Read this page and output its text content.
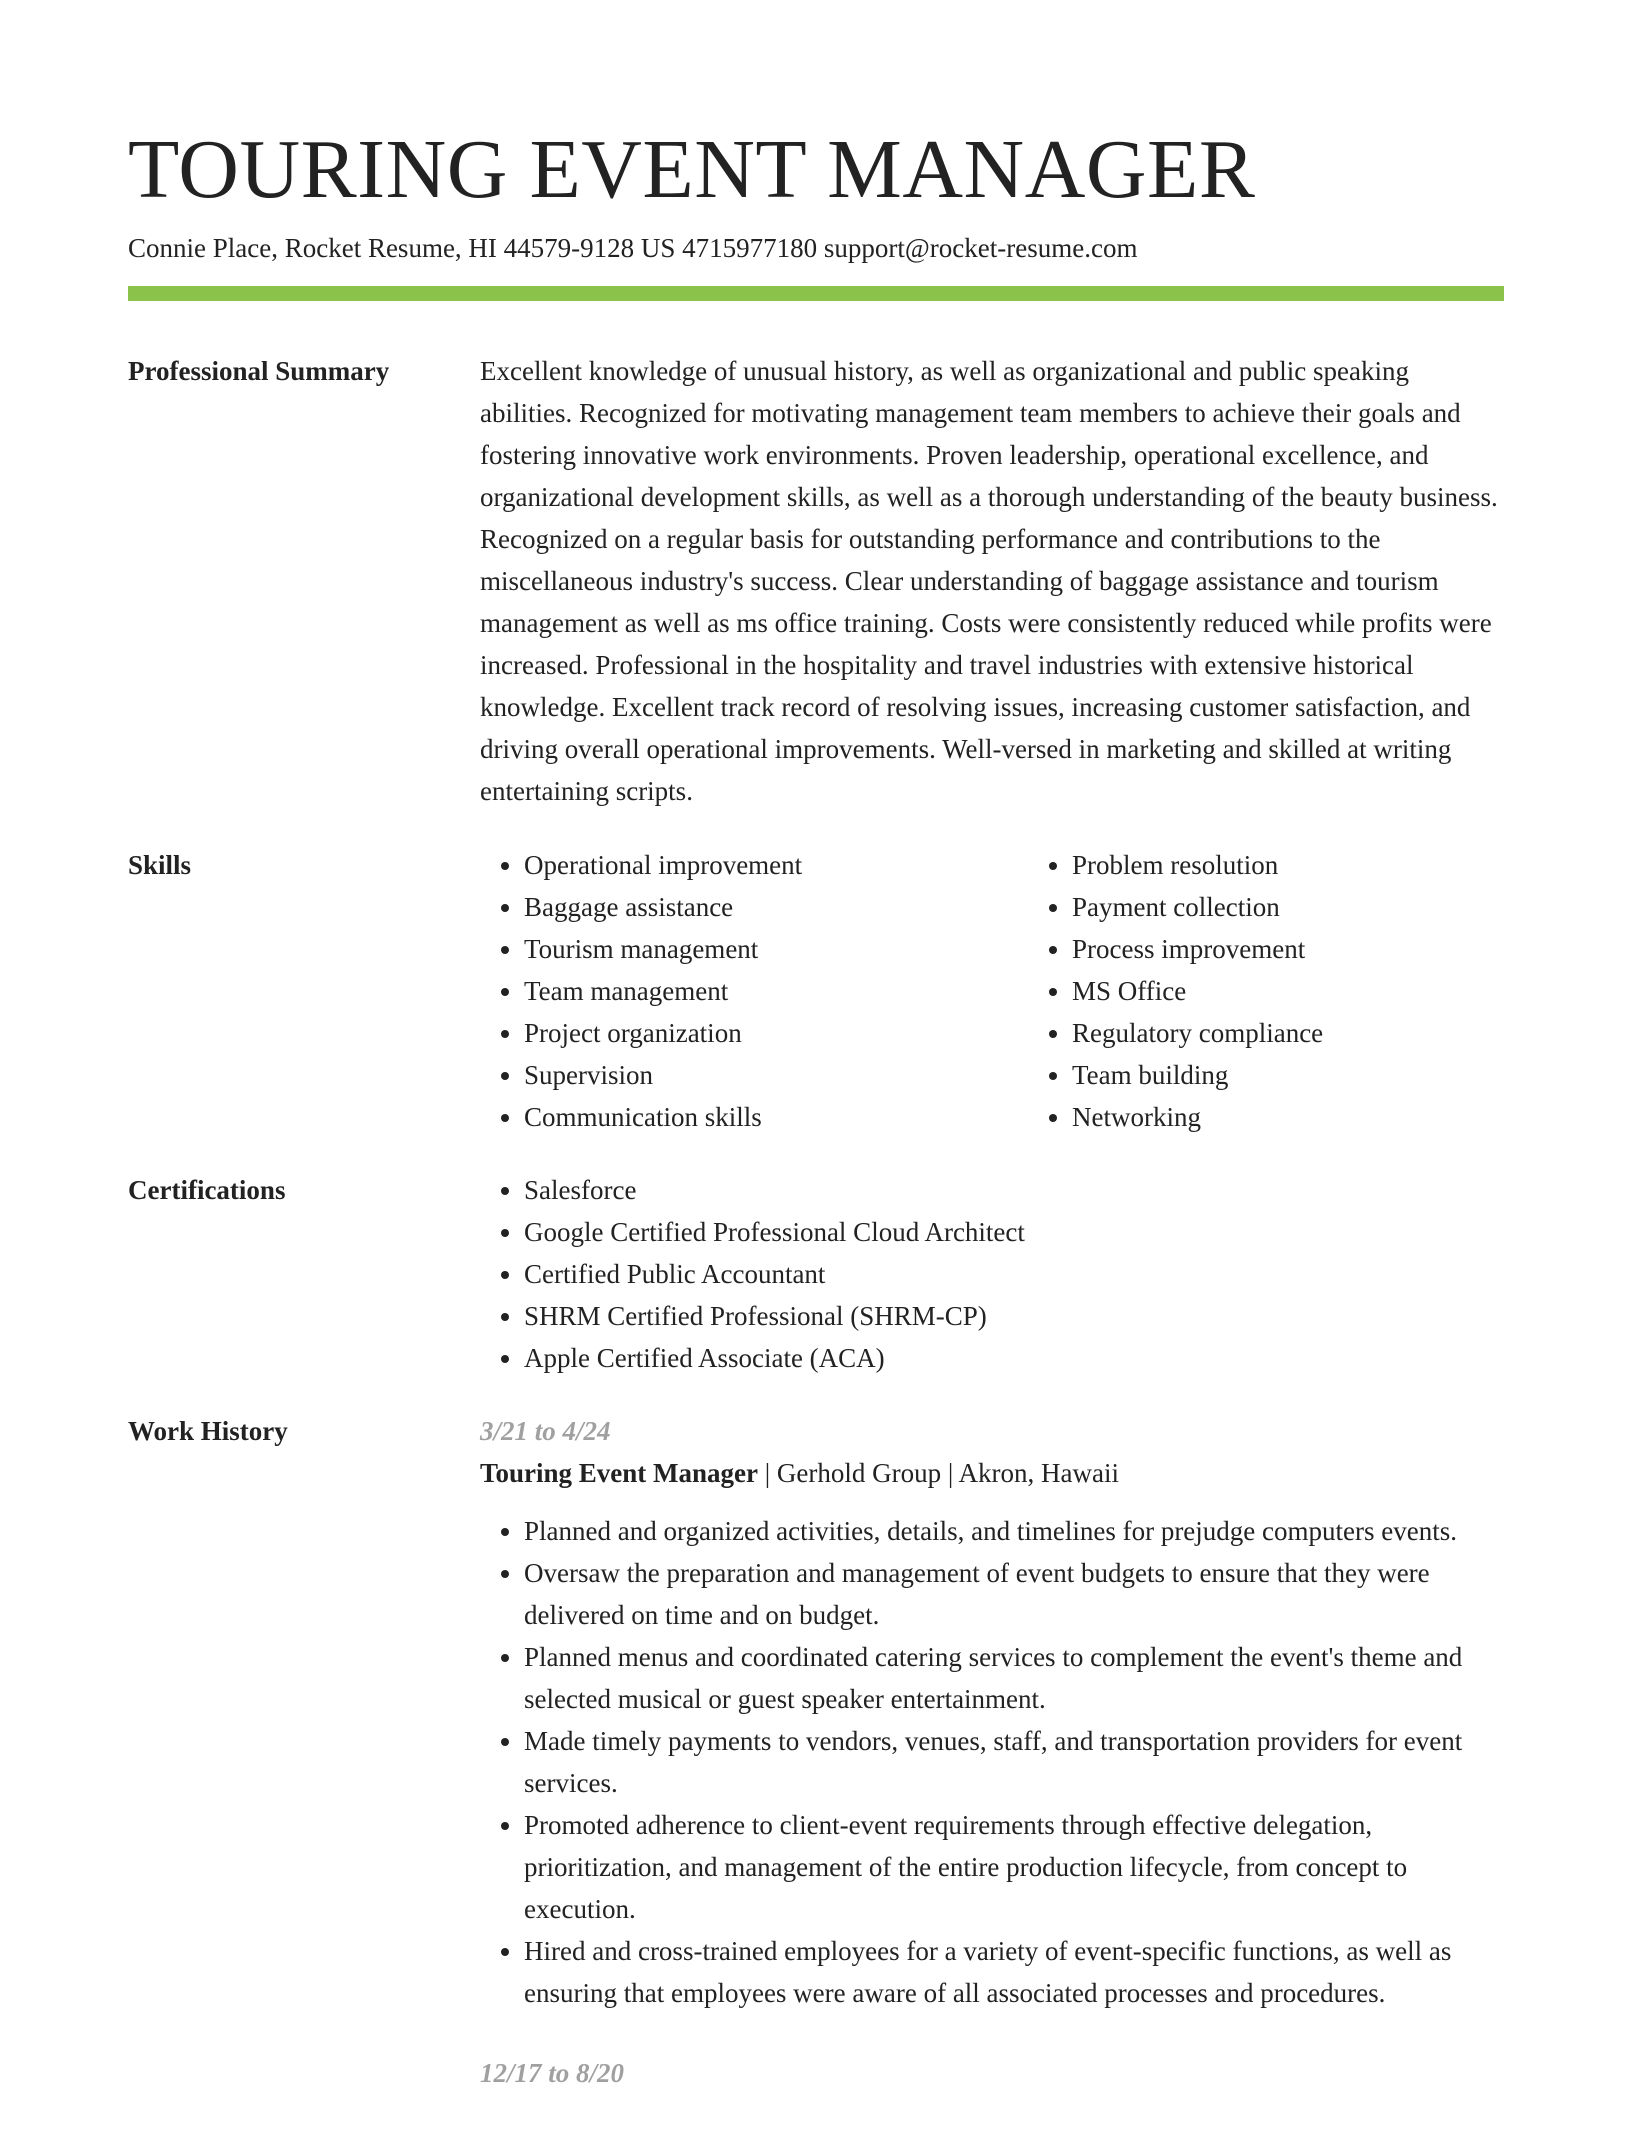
TOURING EVENT MANAGER
Connie Place, Rocket Resume, HI 44579-9128 US 4715977180 support@rocket-resume.com
Professional Summary	Excellent knowledge of unusual history, as well as organizational and public speaking abilities. Recognized for motivating management team members to achieve their goals and fostering innovative work environments. Proven leadership, operational excellence, and organizational development skills, as well as a thorough understanding of the beauty business. Recognized on a regular basis for outstanding performance and contributions to the miscellaneous industry's success. Clear understanding of baggage assistance and tourism management as well as ms office training. Costs were consistently reduced while profits were increased. Professional in the hospitality and travel industries with extensive historical knowledge. Excellent track record of resolving issues, increasing customer satisfaction, and driving overall operational improvements. Well-versed in marketing and skilled at writing entertaining scripts.
Skills	• Operational improvement
• Baggage assistance
• Tourism management
• Team management
• Project organization
• Supervision
• Communication skills
• Problem resolution
• Payment collection
• Process improvement
• MS Office
• Regulatory compliance
• Team building
• Networking
Certifications	• Salesforce
• Google Certified Professional Cloud Architect
• Certified Public Accountant
• SHRM Certified Professional (SHRM-CP)
• Apple Certified Associate (ACA)
Work History	3/21 to 4/24
Touring Event Manager | Gerhold Group | Akron, Hawaii
• Planned and organized activities, details, and timelines for prejudge computers events.
• Oversaw the preparation and management of event budgets to ensure that they were delivered on time and on budget.
• Planned menus and coordinated catering services to complement the event's theme and selected musical or guest speaker entertainment.
• Made timely payments to vendors, venues, staff, and transportation providers for event services.
• Promoted adherence to client-event requirements through effective delegation, prioritization, and management of the entire production lifecycle, from concept to execution.
• Hired and cross-trained employees for a variety of event-specific functions, as well as ensuring that employees were aware of all associated processes and procedures.
12/17 to 8/20
